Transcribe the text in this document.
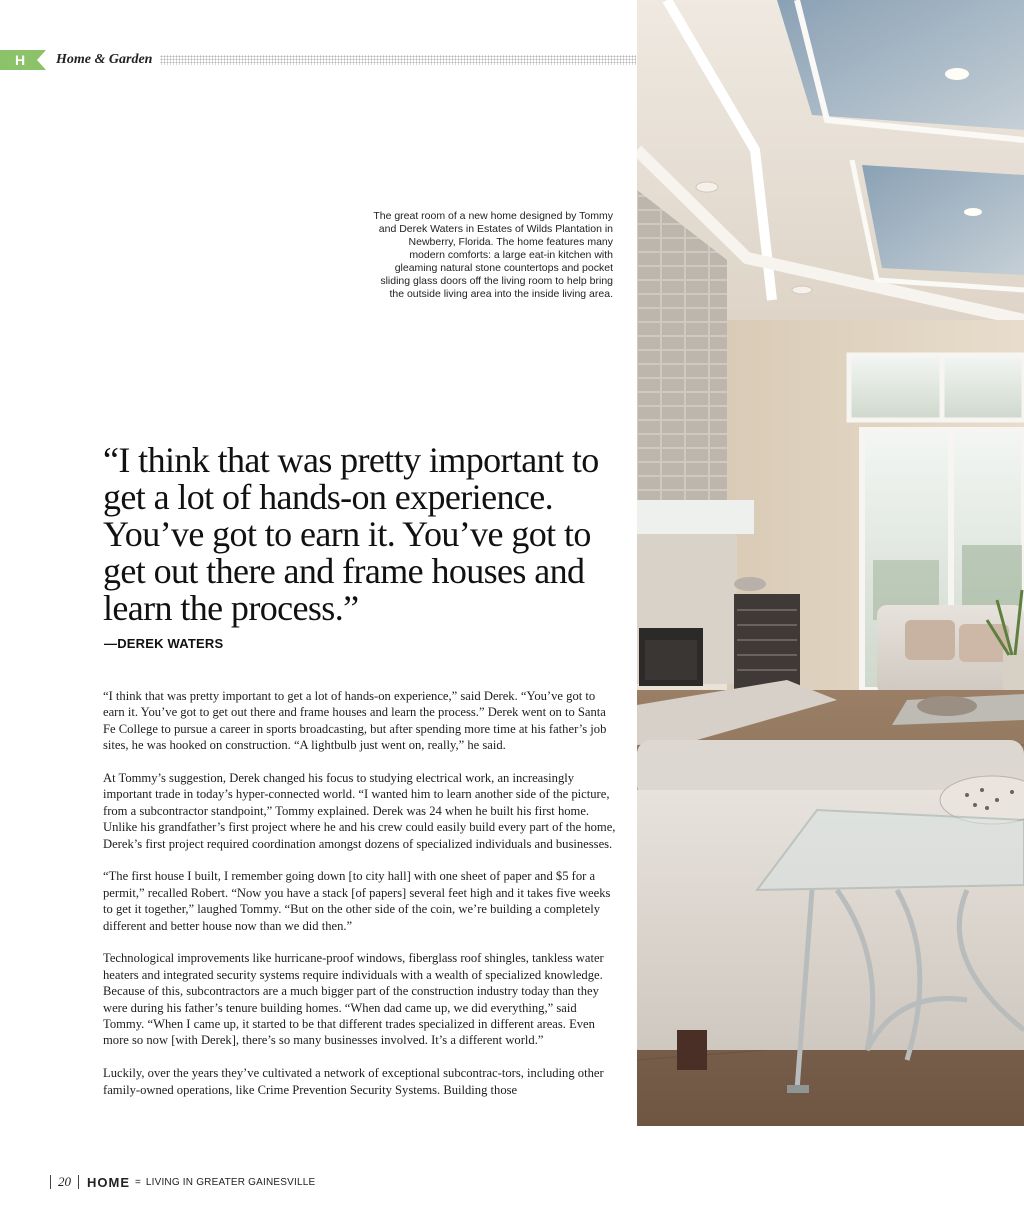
H	Home & Garden
The great room of a new home designed by Tommy and Derek Waters in Estates of Wilds Plantation in Newberry, Florida. The home features many modern comforts: a large eat-in kitchen with gleaming natural stone countertops and pocket sliding glass doors off the living room to help bring the outside living area into the inside living area.
“I think that was pretty important to get a lot of hands-on experience. You’ve got to earn it. You’ve got to get out there and frame houses and learn the process.”
—DEREK WATERS

“I think that was pretty important to get a lot of hands-on experience,” said Derek. “You’ve got to earn it. You’ve got to get out there and frame houses and learn the process.” Derek went on to Santa Fe College to pursue a career in sports broadcasting, but after spending more time at his father’s job sites, he was hooked on construction. “A lightbulb just went on, really,” he said.

At Tommy’s suggestion, Derek changed his focus to studying electrical work, an increasingly important trade in today’s hyper-connected world. “I wanted him to learn another side of the picture, from a subcontractor standpoint,” Tommy explained. Derek was 24 when he built his first home. Unlike his grandfather’s first project where he and his crew could easily build every part of the home, Derek’s first project required coordination amongst dozens of specialized individuals and businesses.

“The first house I built, I remember going down [to city hall] with one sheet of paper and $5 for a permit,” recalled Robert. “Now you have a stack [of papers] several feet high and it takes five weeks to get it together,” laughed Tommy. “But on the other side of the coin, we’re building a completely different and better house now than we did then.”

Technological improvements like hurricane-proof windows, fiberglass roof shingles, tankless water heaters and integrated security systems require individuals with a wealth of specialized knowledge. Because of this, subcontractors are a much bigger part of the construction industry today than they were during his father’s tenure building homes. “When dad came up, we did everything,” said Tommy. “When I came up, it started to be that different trades specialized in different areas. Even more so now [with Derek], there’s so many businesses involved. It’s a different world.”

Luckily, over the years they’ve cultivated a network of exceptional subcontrac-tors, including other family-owned operations, like Crime Prevention Security Systems. Building those

20 HOME = LIVING IN GREATER GAINESVILLE
